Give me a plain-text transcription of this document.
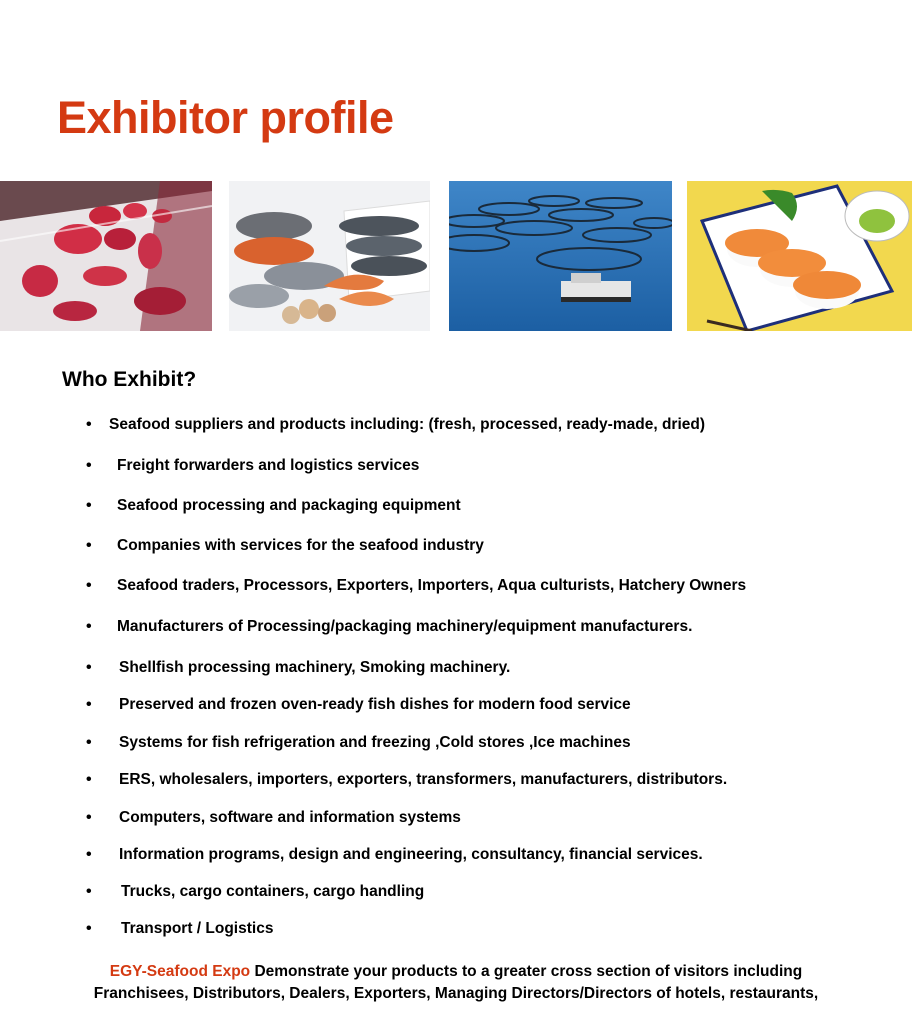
Exhibitor profile
Who Exhibit?
• Seafood suppliers and products including: (fresh, processed, ready-made, dried)
• Freight forwarders and logistics services
• Seafood processing and packaging equipment
• Companies with services for the seafood industry
• Seafood traders, Processors, Exporters, Importers, Aqua culturists, Hatchery Owners
• Manufacturers of Processing/packaging machinery/equipment manufacturers.
• Shellfish processing machinery, Smoking machinery.
• Preserved and frozen oven-ready fish dishes for modern food service
• Systems for fish refrigeration and freezing ,Cold stores ,Ice machines
• ERS, wholesalers, importers, exporters, transformers, manufacturers, distributors.
• Computers, software and information systems
• Information programs, design and engineering, consultancy, financial services.
• Trucks, cargo containers, cargo handling
• Transport / Logistics
EGY-Seafood Expo Demonstrate your products to a greater cross section of visitors including
Franchisees, Distributors, Dealers, Exporters, Managing Directors/Directors of hotels, restaurants,
